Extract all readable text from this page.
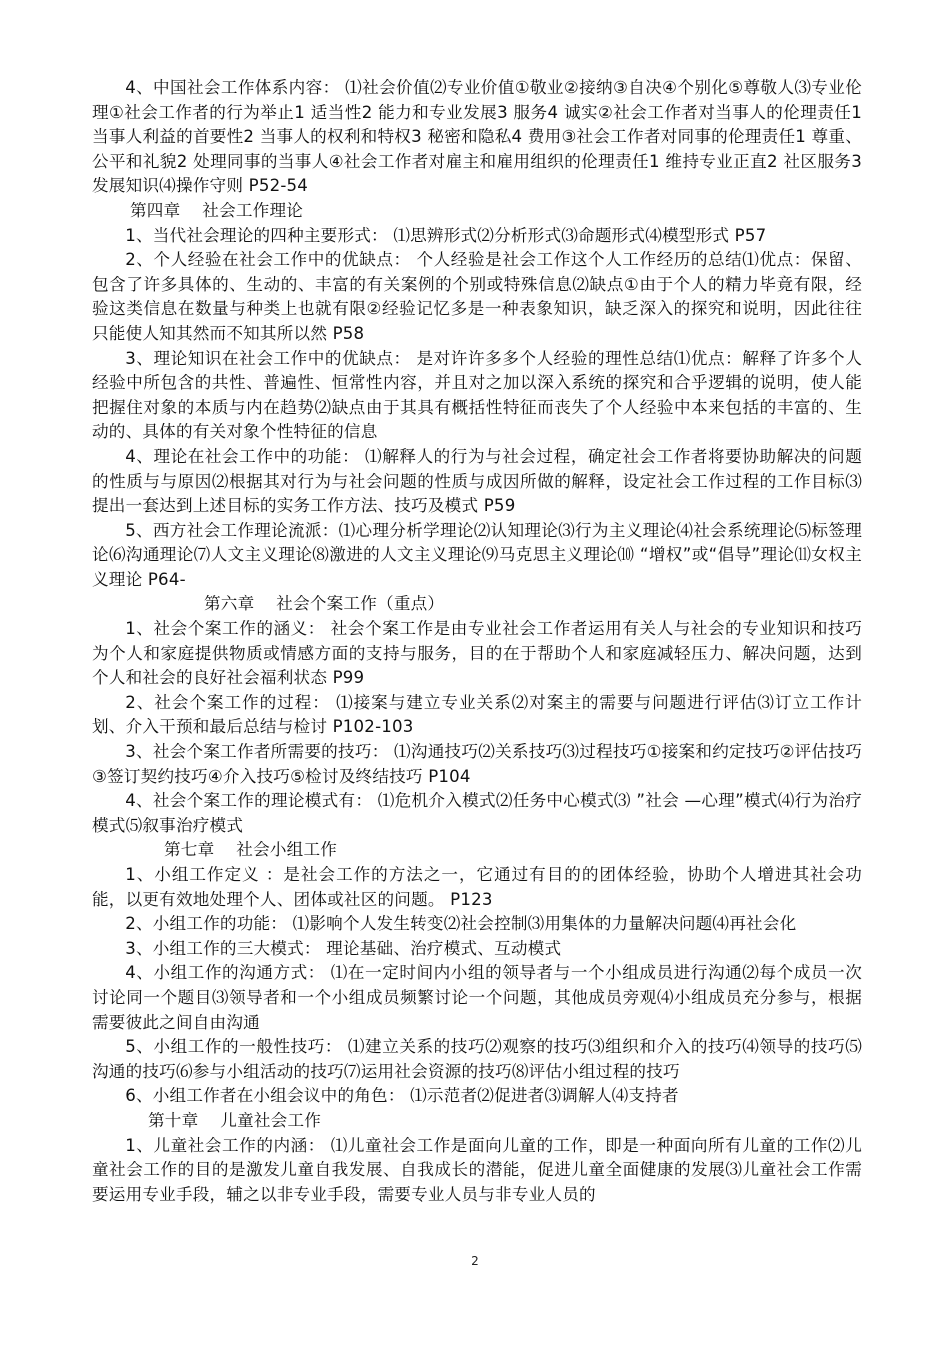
4、中国社会工作体系内容： ⑴社会价值⑵专业价值①敬业②接纳③自决④个别化⑤尊敬人⑶专业伦理①社会工作者的行为举止1 适当性2 能力和专业发展3 服务4 诚实②社会工作者对当事人的伦理责任1 当事人利益的首要性2 当事人的权利和特权3 秘密和隐私4 费用③社会工作者对同事的伦理责任1 尊重、公平和礼貌2 处理同事的当事人④社会工作者对雇主和雇用组织的伦理责任1 维持专业正直2 社区服务3 发展知识⑷操作守则 P52-54

第四章    社会工作理论

1、当代社会理论的四种主要形式： ⑴思辨形式⑵分析形式⑶命题形式⑷模型形式 P57

2、个人经验在社会工作中的优缺点： 个人经验是社会工作这个人工作经历的总结⑴优点：保留、包含了许多具体的、生动的、丰富的有关案例的个别或特殊信息⑵缺点①由于个人的精力毕竟有限，经验这类信息在数量与种类上也就有限②经验记忆多是一种表象知识，缺乏深入的探究和说明，因此往往只能使人知其然而不知其所以然 P58

3、理论知识在社会工作中的优缺点： 是对许许多多个人经验的理性总结⑴优点：解释了许多个人经验中所包含的共性、普遍性、恒常性内容，并且对之加以深入系统的探究和合乎逻辑的说明，使人能把握住对象的本质与内在趋势⑵缺点由于其具有概括性特征而丧失了个人经验中本来包括的丰富的、生动的、具体的有关对象个性特征的信息

4、理论在社会工作中的功能： ⑴解释人的行为与社会过程，确定社会工作者将要协助解决的问题的性质与与原因⑵根据其对行为与社会问题的性质与成因所做的解释，设定社会工作过程的工作目标⑶提出一套达到上述目标的实务工作方法、技巧及模式 P59

5、西方社会工作理论流派：⑴心理分析学理论⑵认知理论⑶行为主义理论⑷社会系统理论⑸标签理论⑹沟通理论⑺人文主义理论⑻激进的人文主义理论⑼马克思主义理论⑽ “增权”或“倡导”理论⑾女权主义理论 P64-

第六章    社会个案工作（重点）

1、社会个案工作的涵义： 社会个案工作是由专业社会工作者运用有关人与社会的专业知识和技巧为个人和家庭提供物质或情感方面的支持与服务，目的在于帮助个人和家庭减轻压力、解决问题，达到个人和社会的良好社会福利状态 P99

2、社会个案工作的过程： ⑴接案与建立专业关系⑵对案主的需要与问题进行评估⑶订立工作计划、介入干预和最后总结与检讨 P102-103

3、社会个案工作者所需要的技巧： ⑴沟通技巧⑵关系技巧⑶过程技巧①接案和约定技巧②评估技巧③签订契约技巧④介入技巧⑤检讨及终结技巧 P104

4、社会个案工作的理论模式有： ⑴危机介入模式⑵任务中心模式⑶ ”社会 —心理”模式⑷行为治疗模式⑸叙事治疗模式

第七章    社会小组工作

1、小组工作定义 ：是社会工作的方法之一，它通过有目的的团体经验，协助个人增进其社会功能，以更有效地处理个人、团体或社区的问题。 P123

2、小组工作的功能： ⑴影响个人发生转变⑵社会控制⑶用集体的力量解决问题⑷再社会化

3、小组工作的三大模式： 理论基础、治疗模式、互动模式

4、小组工作的沟通方式： ⑴在一定时间内小组的领导者与一个小组成员进行沟通⑵每个成员一次讨论同一个题目⑶领导者和一个小组成员频繁讨论一个问题，其他成员旁观⑷小组成员充分参与，根据需要彼此之间自由沟通

5、小组工作的一般性技巧： ⑴建立关系的技巧⑵观察的技巧⑶组织和介入的技巧⑷领导的技巧⑸沟通的技巧⑹参与小组活动的技巧⑺运用社会资源的技巧⑻评估小组过程的技巧

6、小组工作者在小组会议中的角色： ⑴示范者⑵促进者⑶调解人⑷支持者

第十章    儿童社会工作

1、儿童社会工作的内涵： ⑴儿童社会工作是面向儿童的工作，即是一种面向所有儿童的工作⑵儿童社会工作的目的是激发儿童自我发展、自我成长的潜能，促进儿童全面健康的发展⑶儿童社会工作需要运用专业手段，辅之以非专业手段，需要专业人员与非专业人员的

2
